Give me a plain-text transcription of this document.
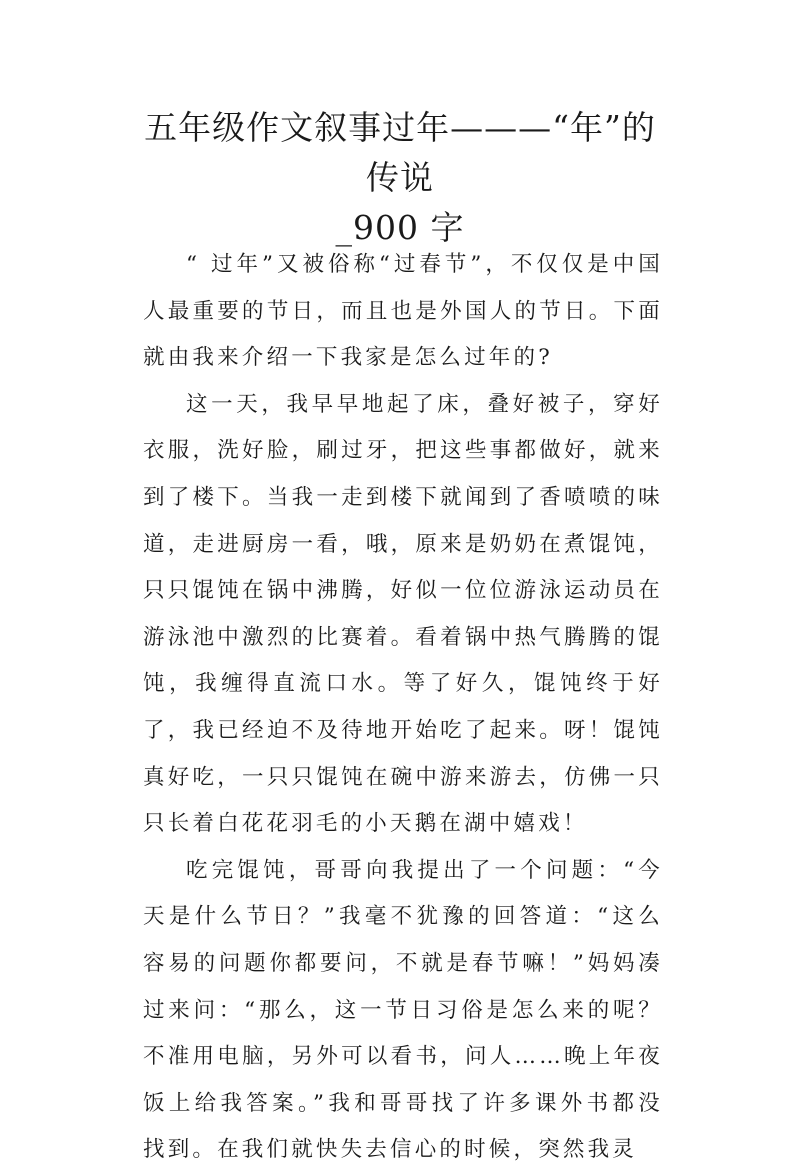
五年级作文叙事过年———“年”的传说
_900 字

“ 过年”又被俗称“过春节”，不仅仅是中国人最重要的节日，而且也是外国人的节日。下面就由我来介绍一下我家是怎么过年的?

这一天，我早早地起了床，叠好被子，穿好衣服，洗好脸，刷过牙，把这些事都做好，就来到了楼下。当我一走到楼下就闻到了香喷喷的味道，走进厨房一看，哦，原来是奶奶在煮馄饨，只只馄饨在锅中沸腾，好似一位位游泳运动员在游泳池中激烈的比赛着。看着锅中热气腾腾的馄饨，我缠得直流口水。等了好久，馄饨终于好了，我已经迫不及待地开始吃了起来。呀！馄饨真好吃，一只只馄饨在碗中游来游去，仿佛一只只长着白花花羽毛的小天鹅在湖中嬉戏！

吃完馄饨，哥哥向我提出了一个问题：“今天是什么节日？”我毫不犹豫的回答道：“这么容易的问题你都要问，不就是春节嘛！”妈妈凑过来问：“那么，这一节日习俗是怎么来的呢？不准用电脑，另外可以看书，问人……晚上年夜饭上给我答案。”我和哥哥找了许多课外书都没找到。在我们就快失去信心的时候，突然我灵
